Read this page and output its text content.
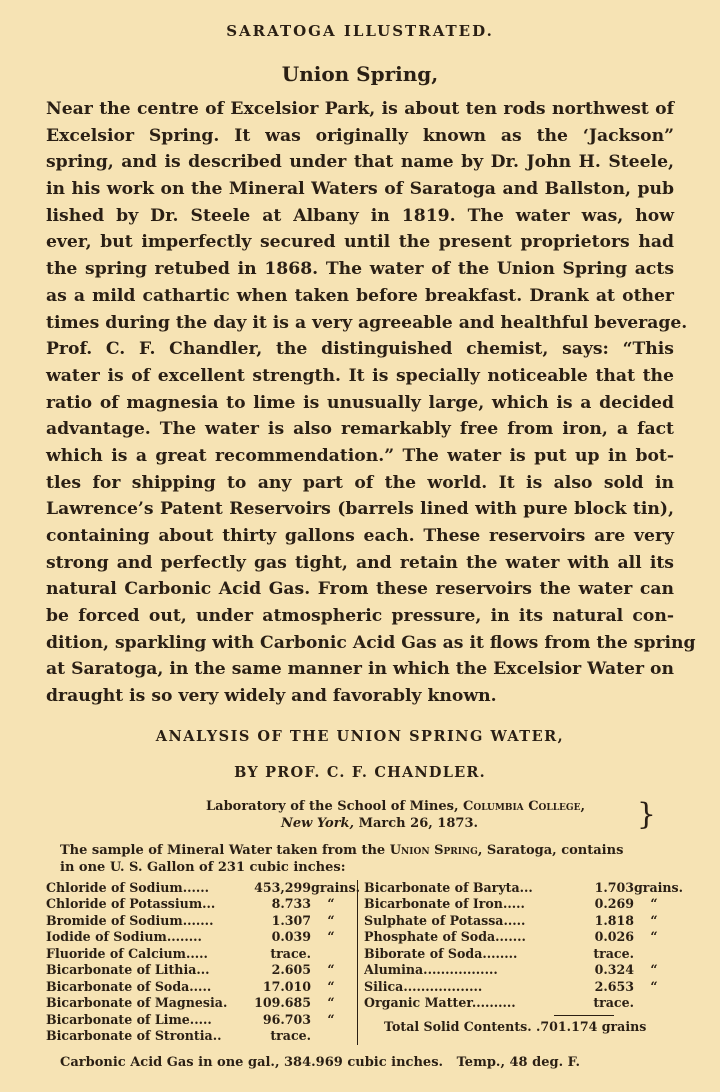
SARATOGA ILLUSTRATED.
Union Spring,
Near the centre of Excelsior Park, is about ten rods northwest of
Excelsior Spring. It was originally known as the ‘Jackson”
spring, and is described under that name by Dr. John H. Steele,
in his work on the Mineral Waters of Saratoga and Ballston, pub
lished by Dr. Steele at Albany in 1819. The water was, how
ever, but imperfectly secured until the present proprietors had
the spring retubed in 1868. The water of the Union Spring acts
as a mild cathartic when taken before breakfast. Drank at other
times during the day it is a very agreeable and healthful beverage.
Prof. C. F. Chandler, the distinguished chemist, says: “This
water is of excellent strength. It is specially noticeable that the
ratio of magnesia to lime is unusually large, which is a decided
advantage. The water is also remarkably free from iron, a fact
which is a great recommendation.” The water is put up in bot-
tles for shipping to any part of the world. It is also sold in
Lawrence’s Patent Reservoirs (barrels lined with pure block tin),
containing about thirty gallons each. These reservoirs are very
strong and perfectly gas tight, and retain the water with all its
natural Carbonic Acid Gas. From these reservoirs the water can
be forced out, under atmospheric pressure, in its natural con-
dition, sparkling with Carbonic Acid Gas as it flows from the spring
at Saratoga, in the same manner in which the Excelsior Water on
draught is so very widely and favorably known.
ANALYSIS OF THE UNION SPRING WATER,
BY PROF. C. F. CHANDLER.
Laboratory of the School of Mines, Columbia College,
New York, March 26, 1873.	}
The sample of Mineral Water taken from the Union Spring, Saratoga, contains
in one U. S. Gallon of 231 cubic inches:
Chloride of Sodium......	453,299 grains.
Chloride of Potassium...	8.733	“
Bromide of Sodium.......	1.307	“
Iodide of Sodium........	0.039	“
Fluoride of Calcium.....	trace.
Bicarbonate of Lithia...	2.605	“
Bicarbonate of Soda.....	17.010	“
Bicarbonate of Magnesia.	109.685	“
Bicarbonate of Lime.....	96.703	“
Bicarbonate of Strontia..	trace.
Bicarbonate of Baryta...	1.703 grains.
Bicarbonate of Iron.....	0.269	“
Sulphate of Potassa.....	1.818	“
Phosphate of Soda.......	0.026	“
Biborate of Soda........	trace.
Alumina.................	0.324	“
Silica..................	2.653	“
Organic Matter..........	trace.
Total Solid Contents. .701.174 grains
Carbonic Acid Gas in one gal., 384.969 cubic inches. Temp., 48 deg. F.
